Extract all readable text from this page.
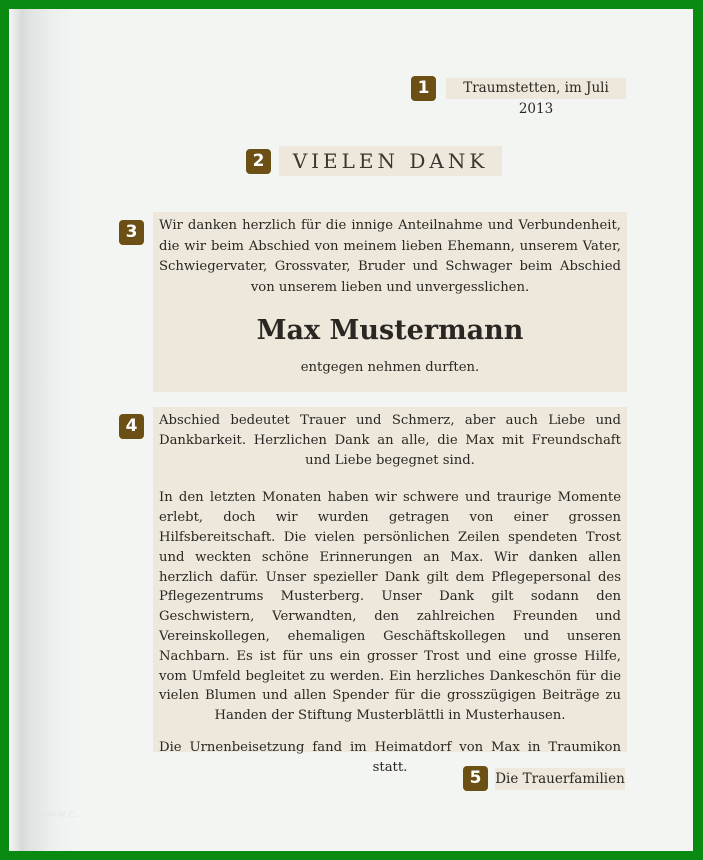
1	Traumstetten, im Juli 2013
2	VIELEN DANK
3	Wir danken herzlich für die innige Anteilnahme und Verbundenheit, die wir beim Abschied von meinem lieben Ehemann, unserem Vater, Schwiegervater, Grossvater, Bruder und Schwager beim Abschied von unserem lieben und unvergesslichen.

Max Mustermann
entgegen nehmen durften.
4	Abschied bedeutet Trauer und Schmerz, aber auch Liebe und Dankbarkeit. Herzlichen Dank an alle, die Max mit Freundschaft und Liebe begegnet sind.

In den letzten Monaten haben wir schwere und traurige Momente erlebt, doch wir wurden getragen von einer grossen Hilfsbereitschaft. Die vielen persönlichen Zeilen spendeten Trost und weckten schöne Erinnerungen an Max. Wir danken allen herzlich dafür. Unser spezieller Dank gilt dem Pflegepersonal des Pflegezentrums Musterberg. Unser Dank gilt sodann den Geschwistern, Verwandten, den zahlreichen Freunden und Vereinskollegen, ehemaligen Geschäftskollegen und unseren Nachbarn. Es ist für uns ein grosser Trost und eine grosse Hilfe, vom Umfeld begleitet zu werden. Ein herzliches Dankeschön für die vielen Blumen und allen Spender für die grosszügigen Beiträge zu Handen der Stiftung Musterblättli in Musterhausen.

Die Urnenbeisetzung fand im Heimatdorf von Max in Traumikon statt.

5	Die Trauerfamilien
www.c...
